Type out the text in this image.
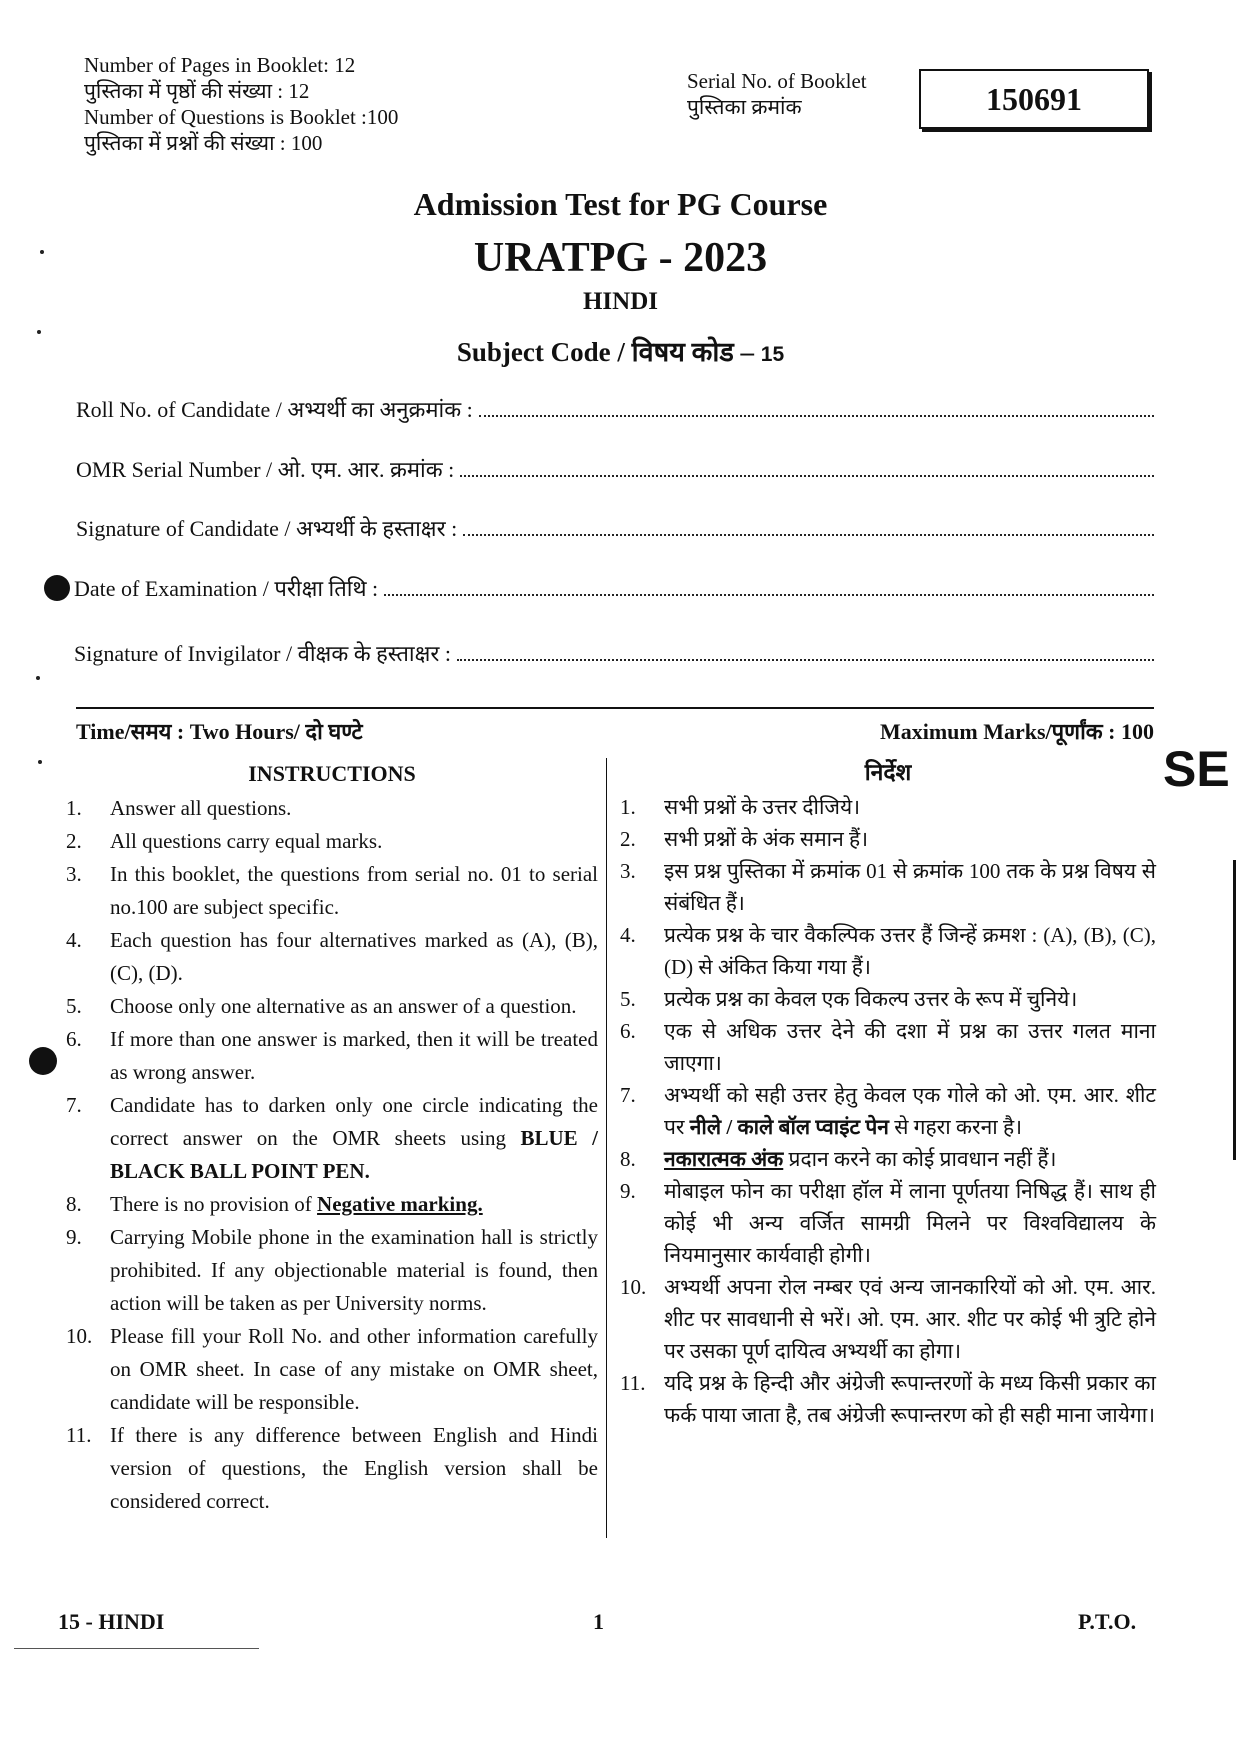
Number of Pages in Booklet: 12
पुस्तिका में पृष्ठों की संख्या : 12
Number of Questions is Booklet :100
पुस्तिका में प्रश्नों की संख्या : 100
Serial No. of Booklet
पुस्तिका क्रमांक	150691
Admission Test for PG Course
URATPG - 2023
HINDI
Subject Code / विषय कोड – 15
Roll No. of Candidate / अभ्यर्थी का अनुक्रमांक :
OMR Serial Number / ओ. एम. आर. क्रमांक :
Signature of Candidate / अभ्यर्थी के हस्ताक्षर :
Date of Examination / परीक्षा तिथि :
Signature of Invigilator / वीक्षक के हस्ताक्षर :
Time/समय : Two Hours/ दो घण्टे	Maximum Marks/पूर्णांक : 100
INSTRUCTIONS
1.	Answer all questions.
2.	All questions carry equal marks.
3.	In this booklet, the questions from serial no. 01 to serial no.100 are subject specific.
4.	Each question has four alternatives marked as (A), (B), (C), (D).
5.	Choose only one alternative as an answer of a question.
6.	If more than one answer is marked, then it will be treated as wrong answer.
7.	Candidate has to darken only one circle indicating the correct answer on the OMR sheets using BLUE / BLACK BALL POINT PEN.
8.	There is no provision of Negative marking.
9.	Carrying Mobile phone in the examination hall is strictly prohibited. If any objectionable material is found, then action will be taken as per University norms.
10. Please fill your Roll No. and other information carefully on OMR sheet. In case of any mistake on OMR sheet, candidate will be responsible.
11. If there is any difference between English and Hindi version of questions, the English version shall be considered correct.
निर्देश
1.	सभी प्रश्नों के उत्तर दीजिये।
2.	सभी प्रश्नों के अंक समान हैं।
3.	इस प्रश्न पुस्तिका में क्रमांक 01 से क्रमांक 100 तक के प्रश्न विषय से संबंधित हैं।
4.	प्रत्येक प्रश्न के चार वैकल्पिक उत्तर हैं जिन्हें क्रमश : (A), (B), (C), (D) से अंकित किया गया हैं।
5.	प्रत्येक प्रश्न का केवल एक विकल्प उत्तर के रूप में चुनिये।
6.	एक से अधिक उत्तर देने की दशा में प्रश्न का उत्तर गलत माना जाएगा।
7.	अभ्यर्थी को सही उत्तर हेतु केवल एक गोले को ओ. एम. आर. शीट पर नीले / काले बॉल प्वाइंट पेन से गहरा करना है।
8.	नकारात्मक अंक प्रदान करने का कोई प्रावधान नहीं हैं।
9.	मोबाइल फोन का परीक्षा हॉल में लाना पूर्णतया निषिद्ध हैं। साथ ही कोई भी अन्य वर्जित सामग्री मिलने पर विश्वविद्यालय के नियमानुसार कार्यवाही होगी।
10. अभ्यर्थी अपना रोल नम्बर एवं अन्य जानकारियों को ओ. एम. आर. शीट पर सावधानी से भरें। ओ. एम. आर. शीट पर कोई भी त्रुटि होने पर उसका पूर्ण दायित्व अभ्यर्थी का होगा।
11. यदि प्रश्न के हिन्दी और अंग्रेजी रूपान्तरणों के मध्य किसी प्रकार का फर्क पाया जाता है, तब अंग्रेजी रूपान्तरण को ही सही माना जायेगा।
SE
15 - HINDI	1	P.T.O.
